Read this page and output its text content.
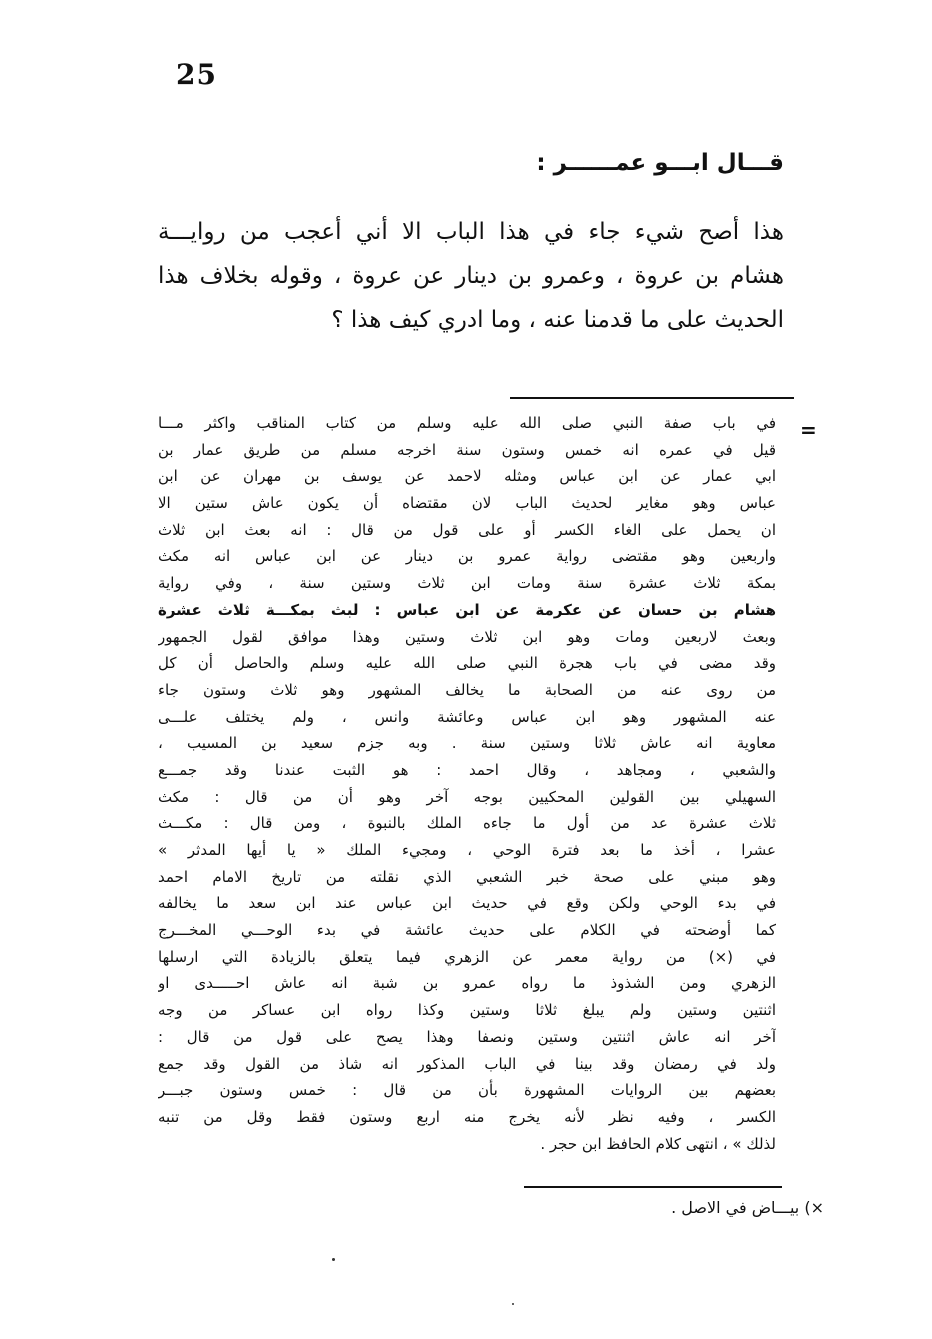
25
قـــال ابـــو عمــــــر :
هذا أصح شيء جاء في هذا الباب الا أني أعجب من روايـــة
هشام بن عروة ، وعمرو بن دينار عن عروة ، وقوله بخلاف هذا
الحديث على ما قدمنا عنه ، وما ادري كيف هذا ؟
=
في باب صفة النبي صلى الله عليه وسلم من كتاب المناقب واكثر مـــا
قيل في عمره انه خمس وستون سنة اخرجه مسلم من طريق عمار بن
ابي عمار عن ابن عباس ومثله لاحمد عن يوسف بن مهران عن ابن
عباس وهو مغاير لحديث الباب لان مقتضاه أن يكون عاش ستين الا
ان يحمل على الغاء الكسر أو على قول من قال : انه بعث ابن ثلاث
واربعين وهو مقتضى رواية عمرو بن دينار عن ابن عباس انه مكث
بمكة ثلاث عشرة سنة ومات ابن ثلاث وستين سنة ، وفي رواية
هشام بن حسان عن عكرمة عن ابن عباس : لبث بمكـــة ثلاث عشرة
وبعث لاربعين ومات وهو ابن ثلاث وستين وهذا موافق لقول الجمهور
وقد مضى في باب هجرة النبي صلى الله عليه وسلم والحاصل أن كل
من روى عنه من الصحابة ما يخالف المشهور وهو ثلاث وستون جاء
عنه المشهور وهو ابن عباس وعائشة وانس ، ولم يختلف علـــى
معاوية انه عاش ثلاثا وستين سنة . وبه جزم سعيد بن المسيب ،
والشعبي ، ومجاهد ، وقال احمد : هو الثبت عندنا وقد جمـــع
السهيلي بين القولين المحكيين بوجه آخر وهو أن من قال : مكث
ثلاث عشرة عد من أول ما جاءه الملك بالنبوة ، ومن قال : مكـــث
عشرا ، أخذ ما بعد فترة الوحي ، ومجيء الملك « يا أيها المدثر »
وهو مبني على صحة خبر الشعبي الذي نقلته من تاريخ الامام احمد
في بدء الوحي ولكن وقع في حديث ابن عباس عند ابن سعد ما يخالفه
كما أوضحته في الكلام على حديث عائشة في بدء الوحـــي المخـــرج
في (×) من رواية معمر عن الزهري فيما يتعلق بالزيادة التي ارسلها
الزهري ومن الشذوذ ما رواه عمرو بن شبة انه عاش احـــــدى او
اثنتين وستين ولم يبلغ ثلاثا وستين وكذا رواه ابن عساكر من وجه
آخر انه عاش اثنتين وستين ونصفا وهذا يصح على قول من قال :
ولد في رمضان وقد بينا في الباب المذكور انه شاذ من القول وقد جمع
بعضهم بين الروايات المشهورة بأن من قال : خمس وستون جبـــر
الكسر ، وفيه نظر لأنه يخرج منه اربع وستون فقط وقل من تنبه
لذلك » ، انتهى كلام الحافظ ابن حجر .
×) بيـــاض في الاصل .
